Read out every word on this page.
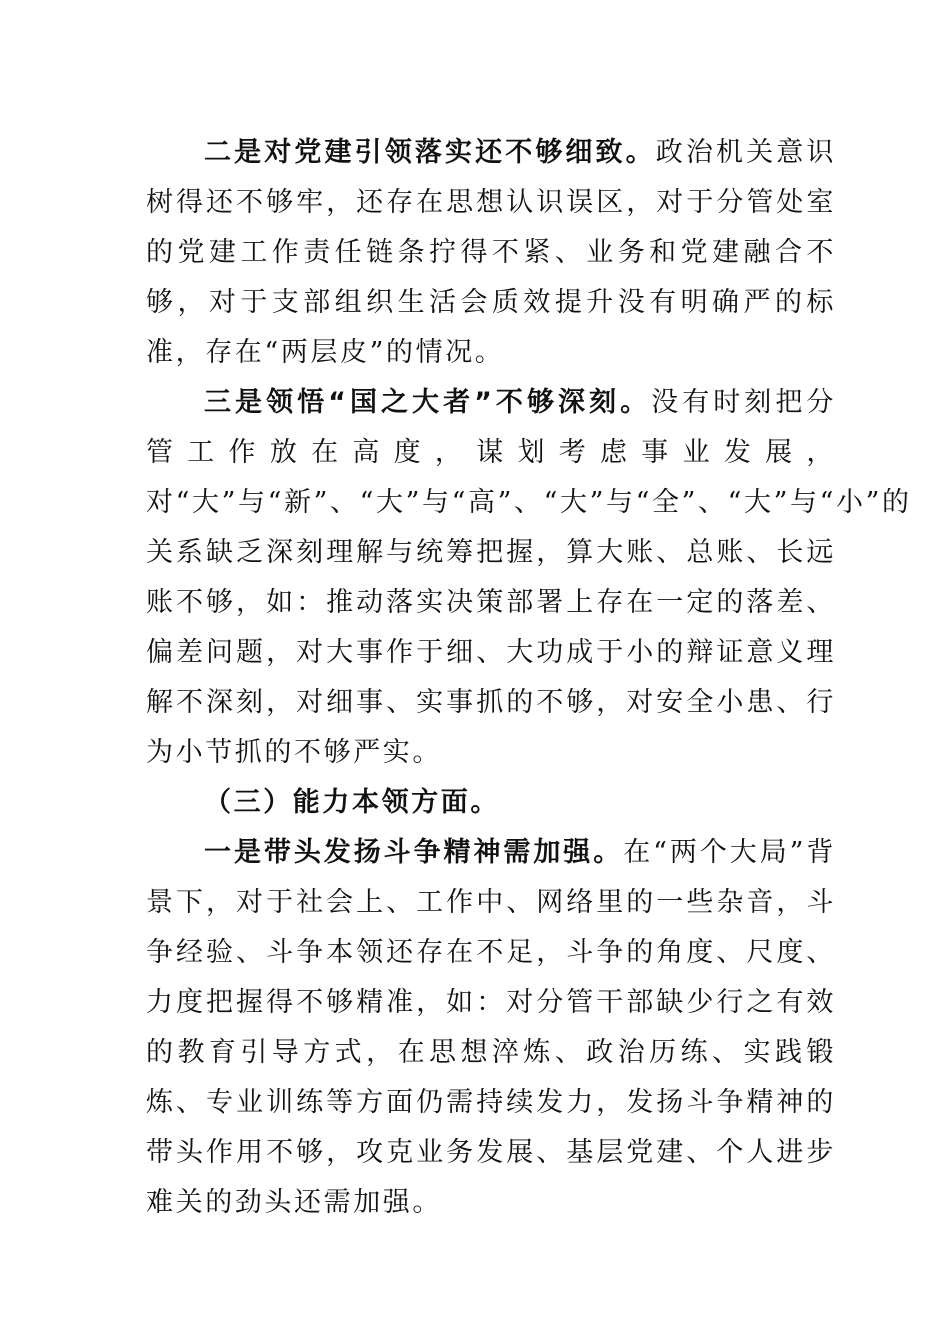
二是对党建引领落实还不够细致。政治机关意识树得还不够牢，还存在思想认识误区，对于分管处室的党建工作责任链条拧得不紧、业务和党建融合不够，对于支部组织生活会质效提升没有明确严的标准，存在“两层皮”的情况。

三是领悟“国之大者”不够深刻。没有时刻把分管工作放在高度，谋划考虑事业发展，对“大”与“新”、“大”与“高”、“大”与“全”、“大”与“小”的关系缺乏深刻理解与统筹把握，算大账、总账、长远账不够，如：推动落实决策部署上存在一定的落差、偏差问题，对大事作于细、大功成于小的辩证意义理解不深刻，对细事、实事抓的不够，对安全小患、行为小节抓的不够严实。

（三）能力本领方面。

一是带头发扬斗争精神需加强。在“两个大局”背景下，对于社会上、工作中、网络里的一些杂音，斗争经验、斗争本领还存在不足，斗争的角度、尺度、力度把握得不够精准，如：对分管干部缺少行之有效的教育引导方式，在思想淬炼、政治历练、实践锻炼、专业训练等方面仍需持续发力，发扬斗争精神的带头作用不够，攻克业务发展、基层党建、个人进步难关的劲头还需加强。
